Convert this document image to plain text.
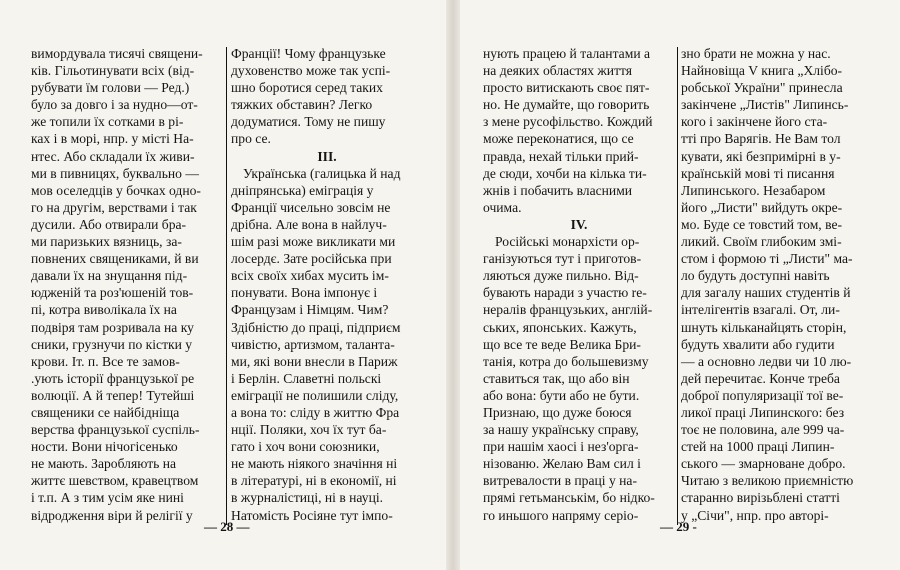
вимордувала тисячі священи-
ків. Гільотинувати всіх (від-
рубувати їм голови — Ред.)
було за довго і за нудно—от-
же топили їх сотками в рі-
ках і в морі, нпр. у місті На-
нтес. Або складали їх живи-
ми в пивницях, буквально —
мов оселедців у бочках одно-
го на другім, верствами і так
дусили. Або отвирали бра-
ми паризьких вязниць, за-
повнених священиками, й ви
давали їх на знущання під-
юдженій та роз'юшеній тов-
пі, котра виволікала їх на
подвіря там розривала на ку
сники, грузнучи по кістки у
крови. Іт. п. Все те замов-
.ують історії французької ре
волюції. А й тепер! Тутейші
священики се найбідніща
верства французької суспіль-
ности. Вони нічогісенько
не мають. Заробляють на
життє шевством, кравецтвом
і т.п. А з тим усім яке нині
відродження віри й релігії у
Франції! Чому французьке
духовенство може так успі-
шно боротися серед таких
тяжких обставин? Легко
додуматися. Тому не пишу
про се.
III.
Українська (галицька й над
дніпрянська) еміграція у
Франції чисельно зовсім не
дрібна. Але вона в найлуч-
шім разі може викликати ми
лосердє. Зате російська при
всіх своїх хибах мусить ім-
понувати. Вона імпонує і
Французам і Німцям. Чим?
Здібністю до праці, підприєм
чивістю, артизмом, таланта-
ми, які вони внесли в Париж
і Берлін. Славетні польскі
еміграції не полишили сліду,
а вона то: сліду в життю Фра
нції. Поляки, хоч їх тут ба-
гато і хоч вони союзники,
не мають ніякого значіння ні
в літературі, ні в економії, ні
в журналістиці, ні в науці.
Натомість Росіяне тут імпо-
— 28 —
нують працею й талантами а
на деяких областях життя
просто витискають своє пят-
но. Не думайте, що говорить
з мене русофільство. Кождий
може переконатися, що се
правда, нехай тільки прий-
де сюди, хочби на кілька ти-
жнів і побачить власними
очима.
IV.
Російські монархісти ор-
ганізуються тут і приготов-
ляються дуже пильно. Від-
бувають наради з участю re-
нералів французьких, англій-
ських, японських. Кажуть,
що все те веде Велика Бри-
танія, котра до большевизму
ставиться так, що або він
або вона: бути або не бути.
Признаю, що дуже боюся
за нашу українську справу,
при нашім хаосі і нез'орга-
нізованю. Желаю Вам сил і
витревалости в праці у на-
прямі гетьманськім, бо нідко-
го иньшого напряму серіо-
зно брати не можна у нас.
Найновіща V книга „Хлібо-
робської України" принесла
закінчене „Листів" Липинсь-
кого і закінчене його ста-
тті про Варягів. Не Вам тол
кувати, які безпримірні в у-
країнській мові ті писання
Липинського. Незабаром
його „Листи" вийдуть окре-
мо. Буде се товстий том, ве-
ликий. Своїм глибоким змі-
стом і формою ті „Листи" ма-
ло будуть доступні навіть
для загалу наших студентів й
інтелігентів взагалі. От, ли-
шнуть кільканайцять сторін,
будуть хвалити або гудити
— а основно ледви чи 10 лю-
дей перечитає. Конче треба
доброї популяризації тої ве-
ликої праці Липинского: без
тоє не половина, але 999 ча-
стей на 1000 праці Липин-
ського — змарноване добро.
Читаю з великою приємністю
старанно вирізьблені статті
у „Січи", нпр. про авторі-
— 29 -
